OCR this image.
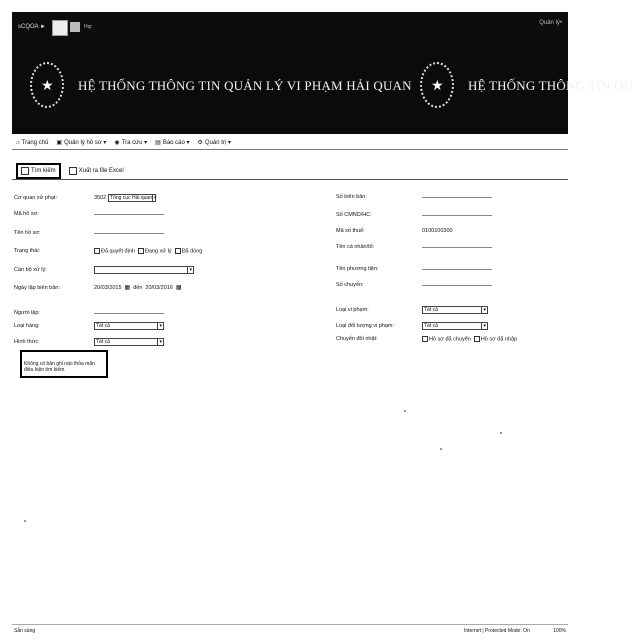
sCQOA ►	Hqr
Quản lý•
★ HỆ THỐNG THÔNG TIN QUẢN LÝ VI PHẠM HẢI QUAN ★ HỆ THỐNG THÔNG TIN QU
⌂ Trang chủ ▣ Quản lý hồ sơ ▾ ◉ Tra cứu ▾ ▤ Báo cáo ▾ ⚙ Quản trị ▾
Tìm kiếm	Xuất ra file Excel
Cơ quan xử phạt:	3502 Tổng cục Hải quan ▾
Mã hồ sơ:
Tên hồ sơ:
Trạng thái:	Đã quyết định	Đang xử lý	Đã đóng
Cán bộ xử lý:	▾
Ngày lập biên bản:	20/03/2015 ▦ đến 20/03/2016 ▦
Người lập:
Loại hàng:	Tất cả	▾
Hình thức:	Tất cả	▾
Số biên bản:
Số CMND/HC:
Mã số thuế:	0100100300
Tên cá nhân/tổ:
Tên phương tiện:
Số chuyến:
Loại vi phạm:	Tất cả	▾
Loại đối tượng vi phạm:	Tất cả	▾
Chuyển đổi nhật:	Hồ sơ đã chuyển	Hồ sơ đã nhập
Không có bản ghi nào thỏa mãn điều kiện tìm kiếm.
Sẵn sàng	Internet | Protected Mode: On	100%
